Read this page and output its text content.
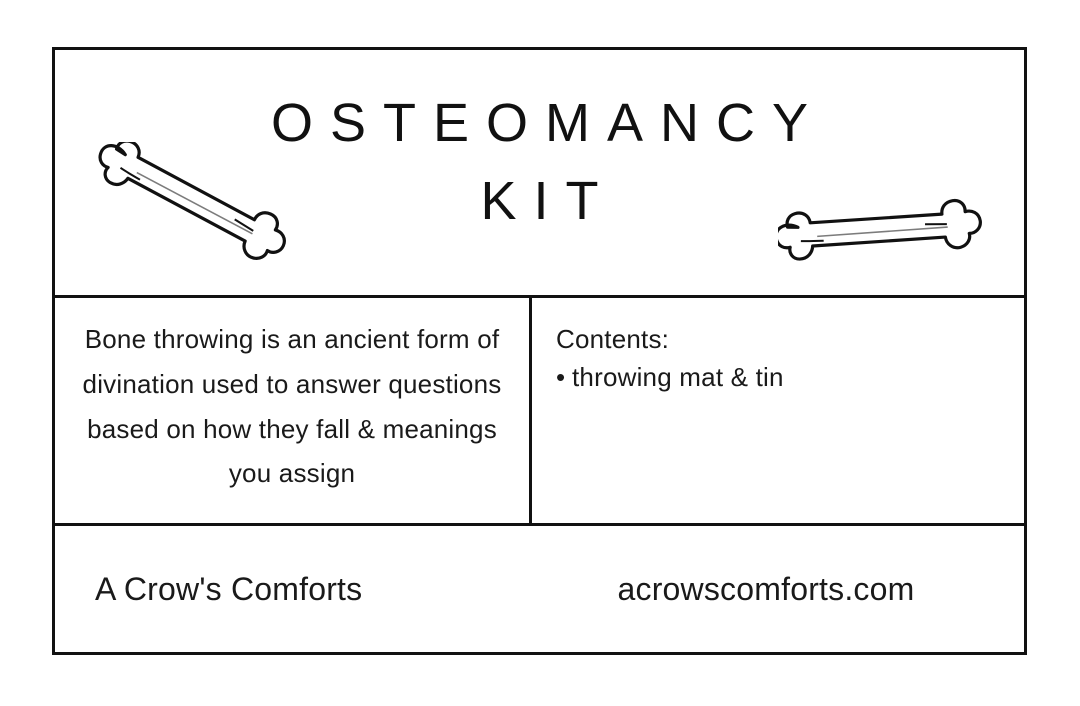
OSTEOMANCY
KIT
Bone throwing is an ancient form of divination used to answer questions based on how they fall & meanings you assign
Contents:
• throwing mat & tin
A Crow's Comforts	acrowscomforts.com
